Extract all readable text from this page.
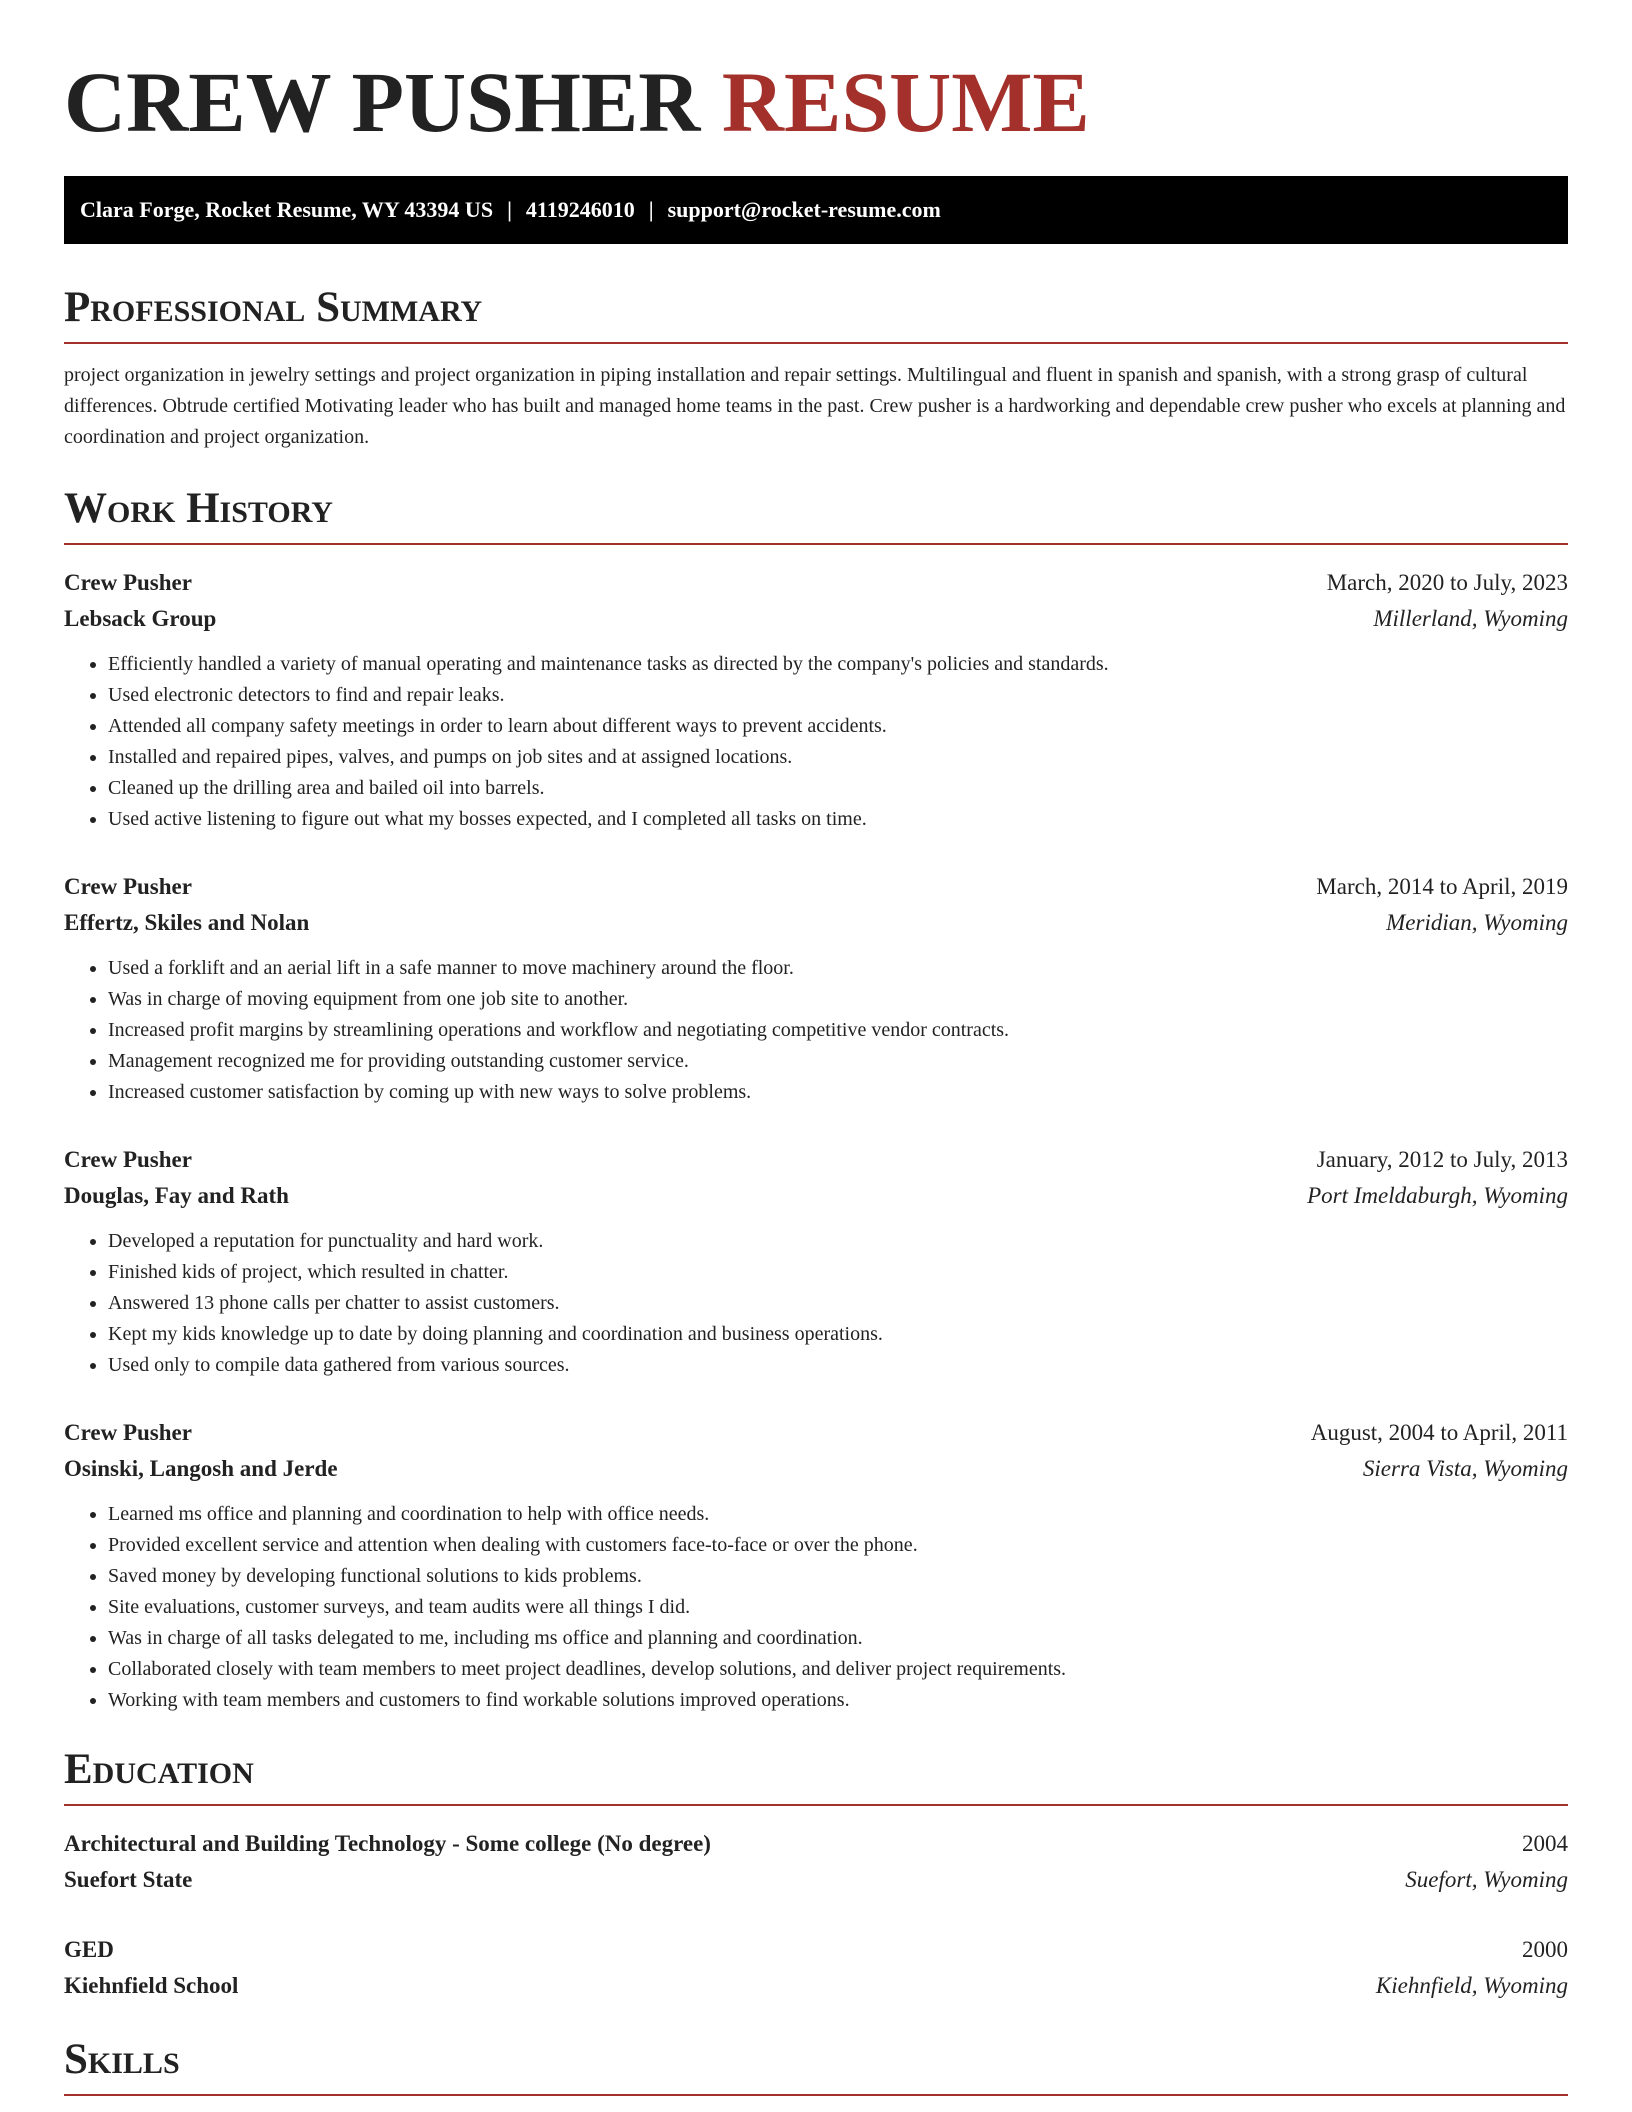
CREW PUSHER RESUME
Clara Forge, Rocket Resume, WY 43394 US | 4119246010 | support@rocket-resume.com
Professional Summary

project organization in jewelry settings and project organization in piping installation and repair settings. Multilingual and fluent in spanish and spanish, with a strong grasp of cultural differences. Obtrude certified Motivating leader who has built and managed home teams in the past. Crew pusher is a hardworking and dependable crew pusher who excels at planning and coordination and project organization.

Work History
Crew Pusher	March, 2020 to July, 2023
Lebsack Group	Millerland, Wyoming
• Efficiently handled a variety of manual operating and maintenance tasks as directed by the company's policies and standards.
• Used electronic detectors to find and repair leaks.
• Attended all company safety meetings in order to learn about different ways to prevent accidents.
• Installed and repaired pipes, valves, and pumps on job sites and at assigned locations.
• Cleaned up the drilling area and bailed oil into barrels.
• Used active listening to figure out what my bosses expected, and I completed all tasks on time.
Crew Pusher	March, 2014 to April, 2019
Effertz, Skiles and Nolan	Meridian, Wyoming
• Used a forklift and an aerial lift in a safe manner to move machinery around the floor.
• Was in charge of moving equipment from one job site to another.
• Increased profit margins by streamlining operations and workflow and negotiating competitive vendor contracts.
• Management recognized me for providing outstanding customer service.
• Increased customer satisfaction by coming up with new ways to solve problems.
Crew Pusher	January, 2012 to July, 2013
Douglas, Fay and Rath	Port Imeldaburgh, Wyoming
• Developed a reputation for punctuality and hard work.
• Finished kids of project, which resulted in chatter.
• Answered 13 phone calls per chatter to assist customers.
• Kept my kids knowledge up to date by doing planning and coordination and business operations.
• Used only to compile data gathered from various sources.
Crew Pusher	August, 2004 to April, 2011
Osinski, Langosh and Jerde	Sierra Vista, Wyoming
• Learned ms office and planning and coordination to help with office needs.
• Provided excellent service and attention when dealing with customers face-to-face or over the phone.
• Saved money by developing functional solutions to kids problems.
• Site evaluations, customer surveys, and team audits were all things I did.
• Was in charge of all tasks delegated to me, including ms office and planning and coordination.
• Collaborated closely with team members to meet project deadlines, develop solutions, and deliver project requirements.
• Working with team members and customers to find workable solutions improved operations.
Education
Architectural and Building Technology - Some college (No degree)	2004
Suefort State	Suefort, Wyoming
GED	2000
Kiehnfield School	Kiehnfield, Wyoming
Skills
